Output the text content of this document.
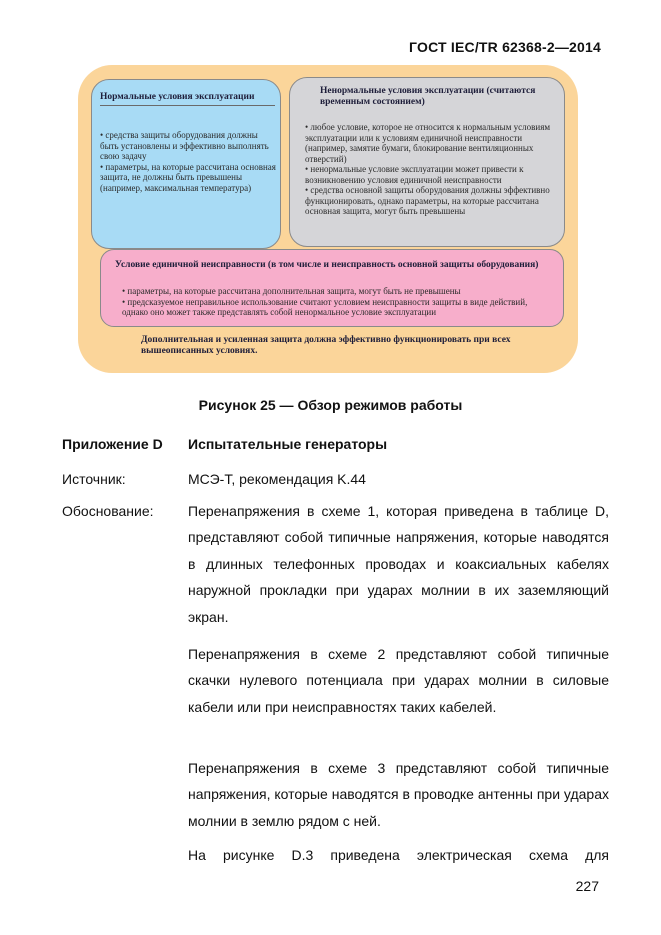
ГОСТ IEC/TR 62368-2—2014
Нормальные условия эксплуатации
• средства защиты оборудования должны быть установлены и эффективно выполнять свою задачу
• параметры, на которые рассчитана основная защита, не должны быть превышены (например, максимальная температура)
Ненормальные условия эксплуатации (считаются временным состоянием)
• любое условие, которое не относится к нормальным условиям эксплуатации или к условиям единичной неисправности (например, замятие бумаги, блокирование вентиляционных отверстий)
• ненормальные условие эксплуатации может привести к возникновению условия единичной неисправности
• средства основной защиты оборудования должны эффективно функционировать, однако параметры, на которые рассчитана основная защита, могут быть превышены
Условие единичной неисправности (в том числе и неисправность основной защиты оборудования)
• параметры, на которые рассчитана дополнительная защита, могут быть не превышены
• предсказуемое неправильное использование считают условием неисправности защиты в виде действий, однако оно может также представлять собой ненормальное условие эксплуатации
Дополнительная и усиленная защита должна эффективно функционировать при всех вышеописанных условиях.
Рисунок 25 — Обзор режимов работы
Приложение D Испытательные генераторы
Источник:	МСЭ-Т, рекомендация K.44
Обоснование: Перенапряжения в схеме 1, которая приведена в таблице D, представляют собой типичные напряжения, которые наводятся в длинных телефонных проводах и коаксиальных кабелях наружной прокладки при ударах молнии в их заземляющий экран.
Перенапряжения в схеме 2 представляют собой типичные скачки нулевого потенциала при ударах молнии в силовые кабели или при неисправностях таких кабелей.
Перенапряжения в схеме 3 представляют собой типичные напряжения, которые наводятся в проводке антенны при ударах молнии в землю рядом с ней.
На рисунке D.3 приведена электрическая схема для
227
